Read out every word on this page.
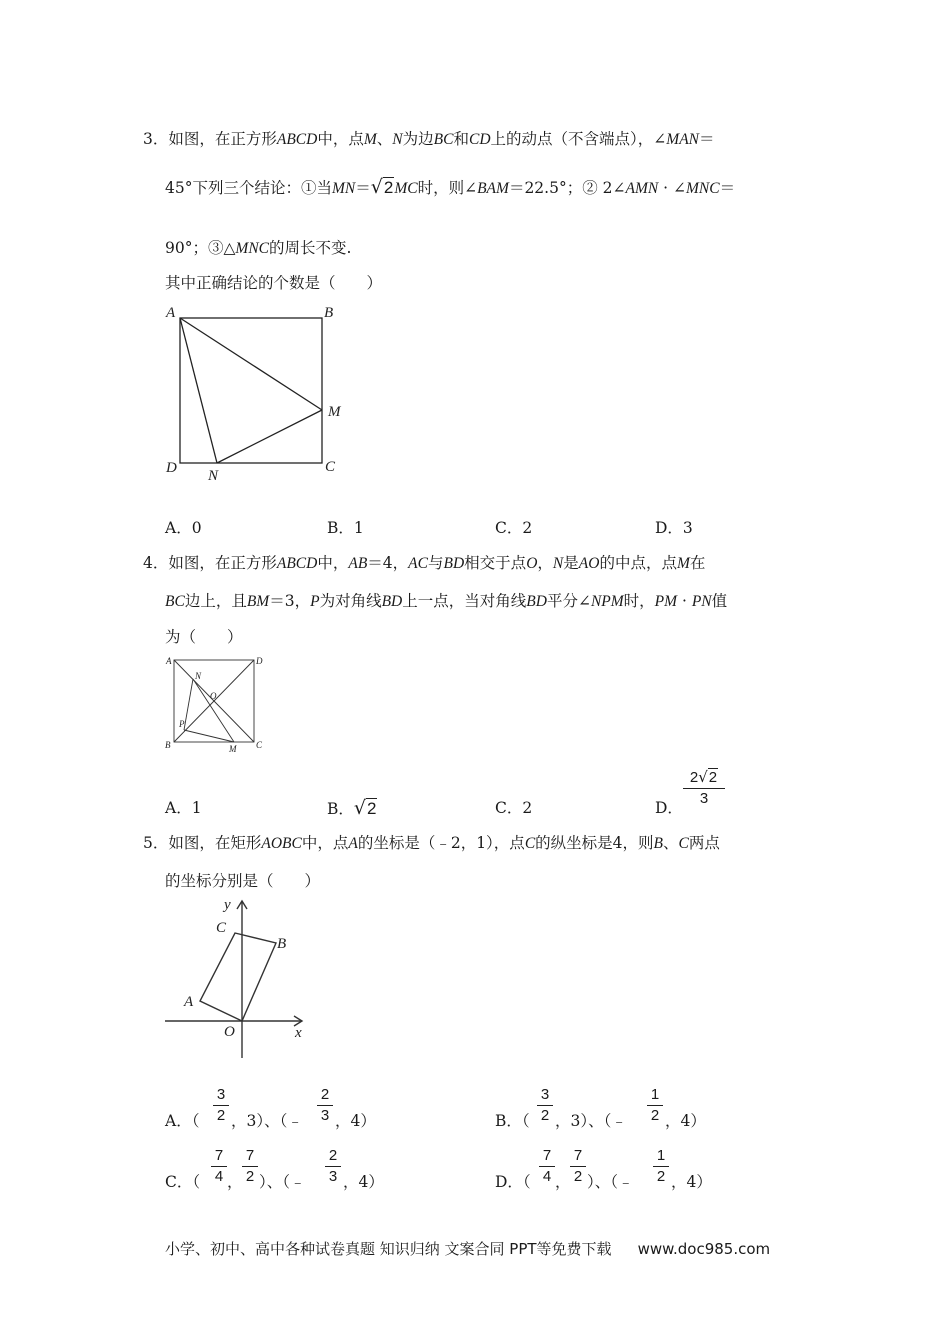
3．如图，在正方形ABCD中，点M、N为边BC和CD上的动点（不含端点），∠MAN＝
45°下列三个结论：①当MN＝√2MC时，则∠BAM＝22.5°；② 2∠AMN · ∠MNC＝
90°；③△MNC的周长不变.
其中正确结论的个数是（　　）
A	B
M
D N
C
A．0	B．1	C．2	D．3
4．如图，在正方形ABCD中，AB＝4，AC与BD相交于点O，N是AO的中点，点M在
BC边上，且BM＝3，P为对角线BD上一点，当对角线BD平分∠NPM时，PM · PN值
为（　　）
A	D
N
O
P
B	M C
A．1	B．√2	C．2	D．
2√2
3
5．如图，在矩形AOBC中，点A的坐标是（﹣2，1），点C的纵坐标是4，则B、C两点
的坐标分别是（　　）
y
x
C
B
A
O
A．（
3
2 ，3）、（﹣
2
3 ，4）	B．（
3
2 ，3）、（﹣
1
2 ，4）
C．（
7
4 ，
7
2 ）、（﹣
2
3 ，4）	D．（
7
4 ，
7
2 ）、（﹣
1
2 ，4）
小学、初中、高中各种试卷真题 知识归纳 文案合同 PPT等免费下载 www.doc985.com
